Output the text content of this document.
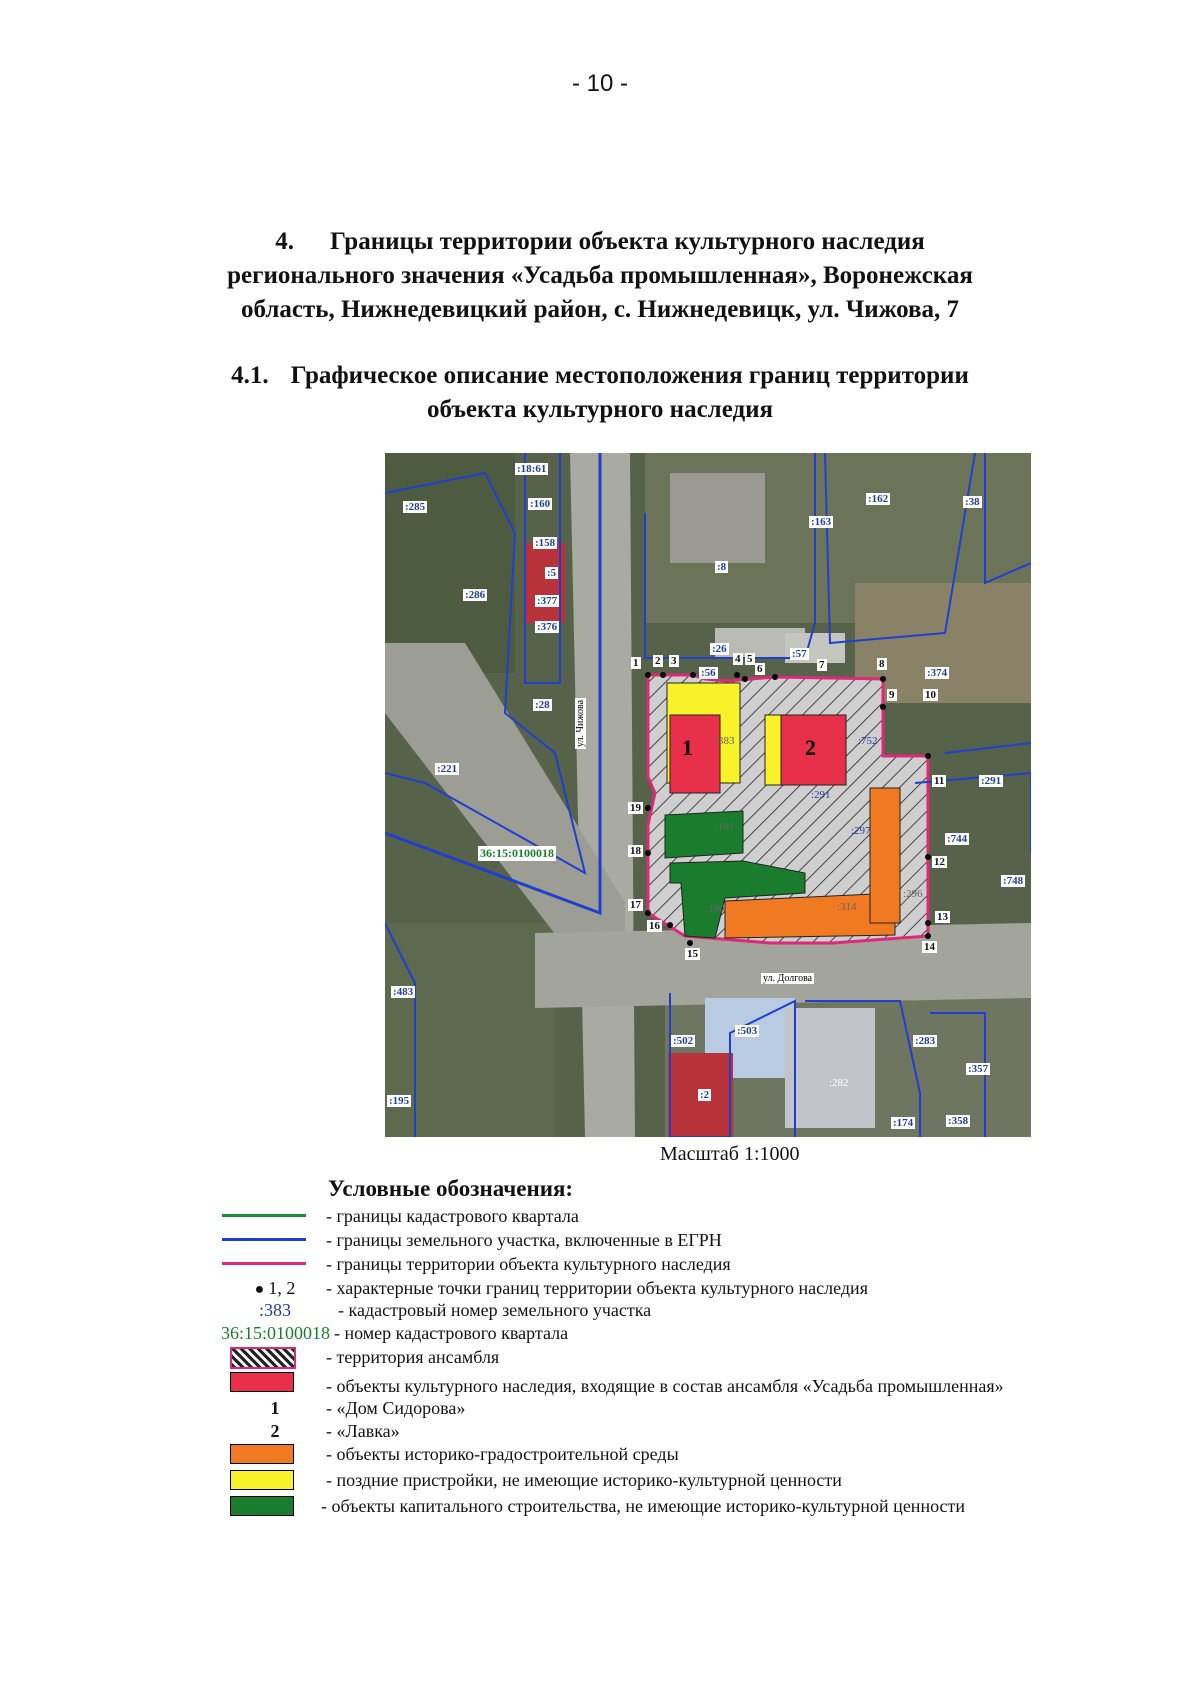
- 10 -
4. Границы территории объекта культурного наследия
регионального значения «Усадьба промышленная», Воронежская
область, Нижнедевицкий район, с. Нижнедевицк, ул. Чижова, 7
4.1. Графическое описание местоположения границ территории
объекта культурного наследия
:18:61
:285	:160
:158
:5
:377
:376
:286
:8
:163
:162	:38
:26
:56
:57
:374
:28
:221
:383	:752
:291
:291
:297
:744
:748
:296
:314
:190
:483
:503
:502	:283
:357
:282
:2
:174	:358
:195
:101
36:15:0100018
ул. Чижова
ул. Долгова
1	2
1 2 3	4 5
6	7	8
9	10
11
12
13
14
15
16
17
18
19
Масштаб 1:1000
Условные обозначения:
- границы кадастрового квартала
- границы земельного участка, включенные в ЕГРН
- границы территории объекта культурного наследия
● 1, 2	- характерные точки границ территории объекта культурного наследия
:383	- кадастровый номер земельного участка
36:15:0100018 - номер кадастрового квартала
- территория ансамбля
- объекты культурного наследия, входящие в состав ансамбля «Усадьба промышленная»
1	- «Дом Сидорова»
2	- «Лавка»
- объекты историко-градостроительной среды
- поздние пристройки, не имеющие историко-культурной ценности
- объекты капитального строительства, не имеющие историко-культурной ценности
